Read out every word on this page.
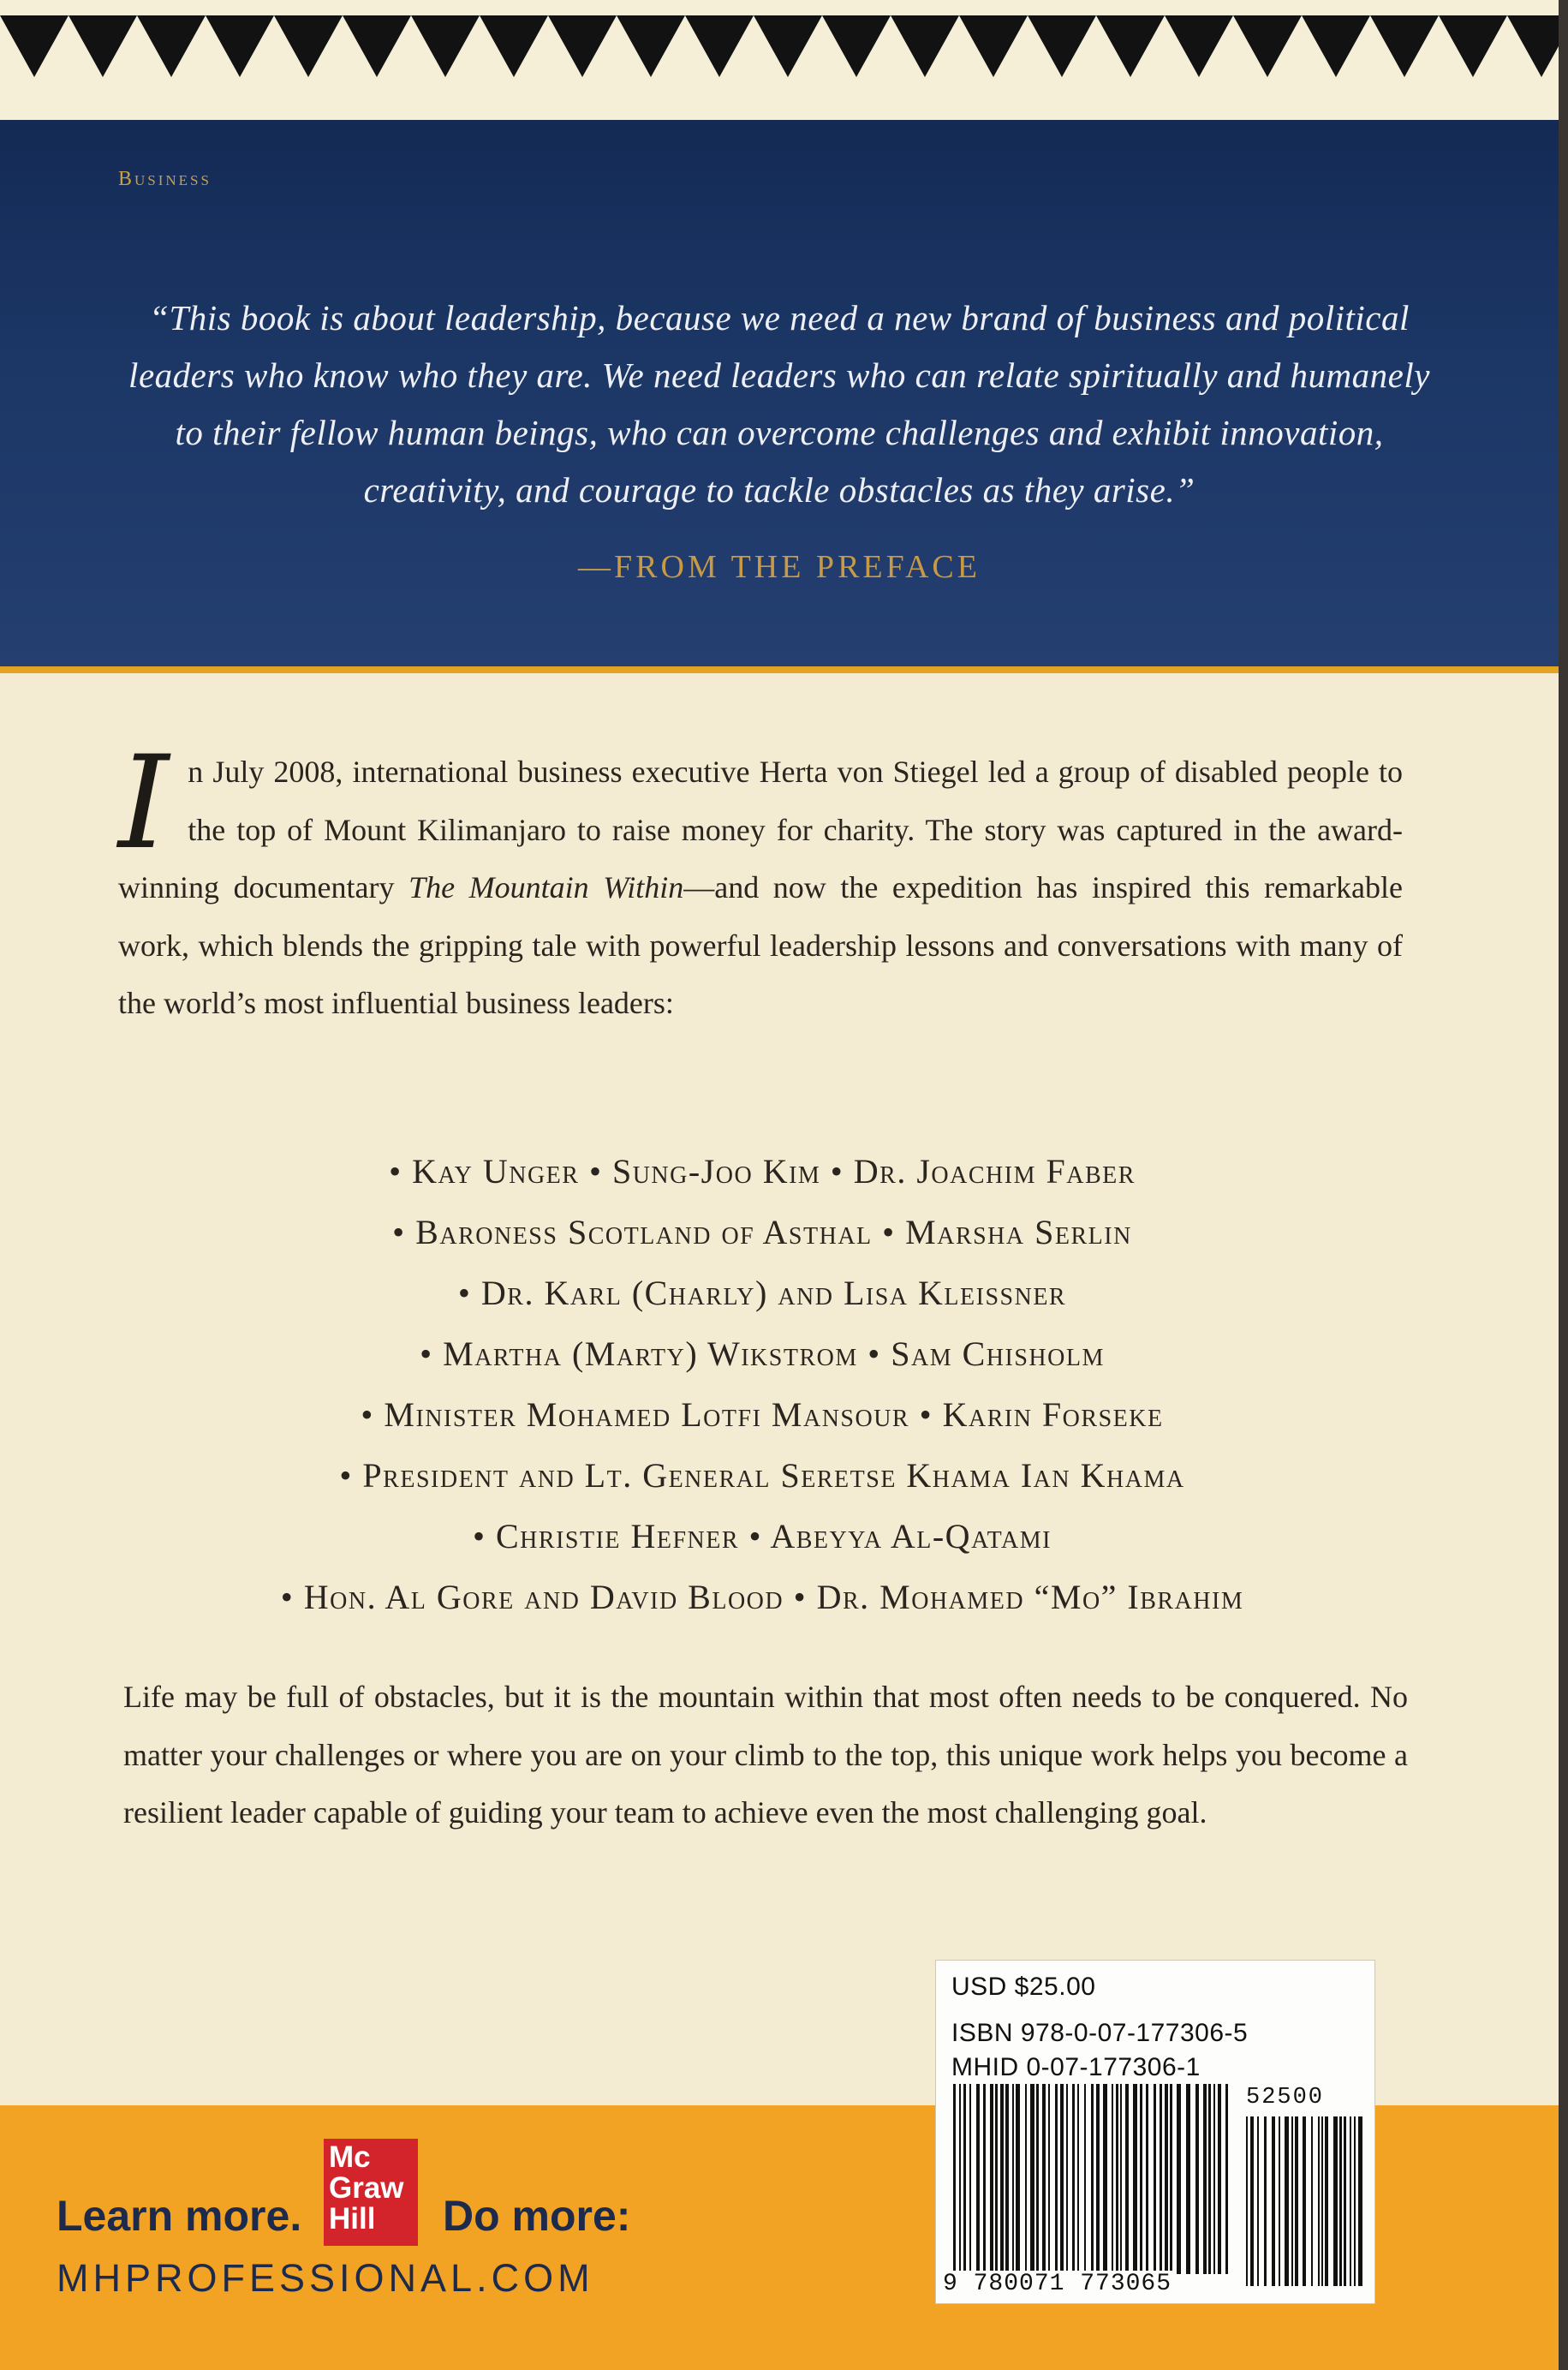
Business
“This book is about leadership, because we need a new brand of business and political leaders who know who they are. We need leaders who can relate spiritually and humanely to their fellow human beings, who can overcome challenges and exhibit innovation, creativity, and courage to tackle obstacles as they arise.”
—FROM THE PREFACE
In July 2008, international business executive Herta von Stiegel led a group of disabled people to the top of Mount Kilimanjaro to raise money for charity. The story was captured in the award-winning documentary The Mountain Within—and now the expedition has inspired this remarkable work, which blends the gripping tale with powerful leadership lessons and conversations with many of the world’s most influential business leaders:
• Kay Unger • Sung-Joo Kim • Dr. Joachim Faber
• Baroness Scotland of Asthal • Marsha Serlin
• Dr. Karl (Charly) and Lisa Kleissner
• Martha (Marty) Wikstrom • Sam Chisholm
• Minister Mohamed Lotfi Mansour • Karin Forseke
• President and Lt. General Seretse Khama Ian Khama
• Christie Hefner • Abeyya Al-Qatami
• Hon. Al Gore and David Blood • Dr. Mohamed “Mo” Ibrahim
Life may be full of obstacles, but it is the mountain within that most often needs to be conquered. No matter your challenges or where you are on your climb to the top, this unique work helps you become a resilient leader capable of guiding your team to achieve even the most challenging goal.
Learn more.
Mc
Graw
Hill	Do more:
MHPROFESSIONAL.COM
USD $25.00
ISBN 978-0-07-177306-5
MHID 0-07-177306-1
52500
9 780071 773065
